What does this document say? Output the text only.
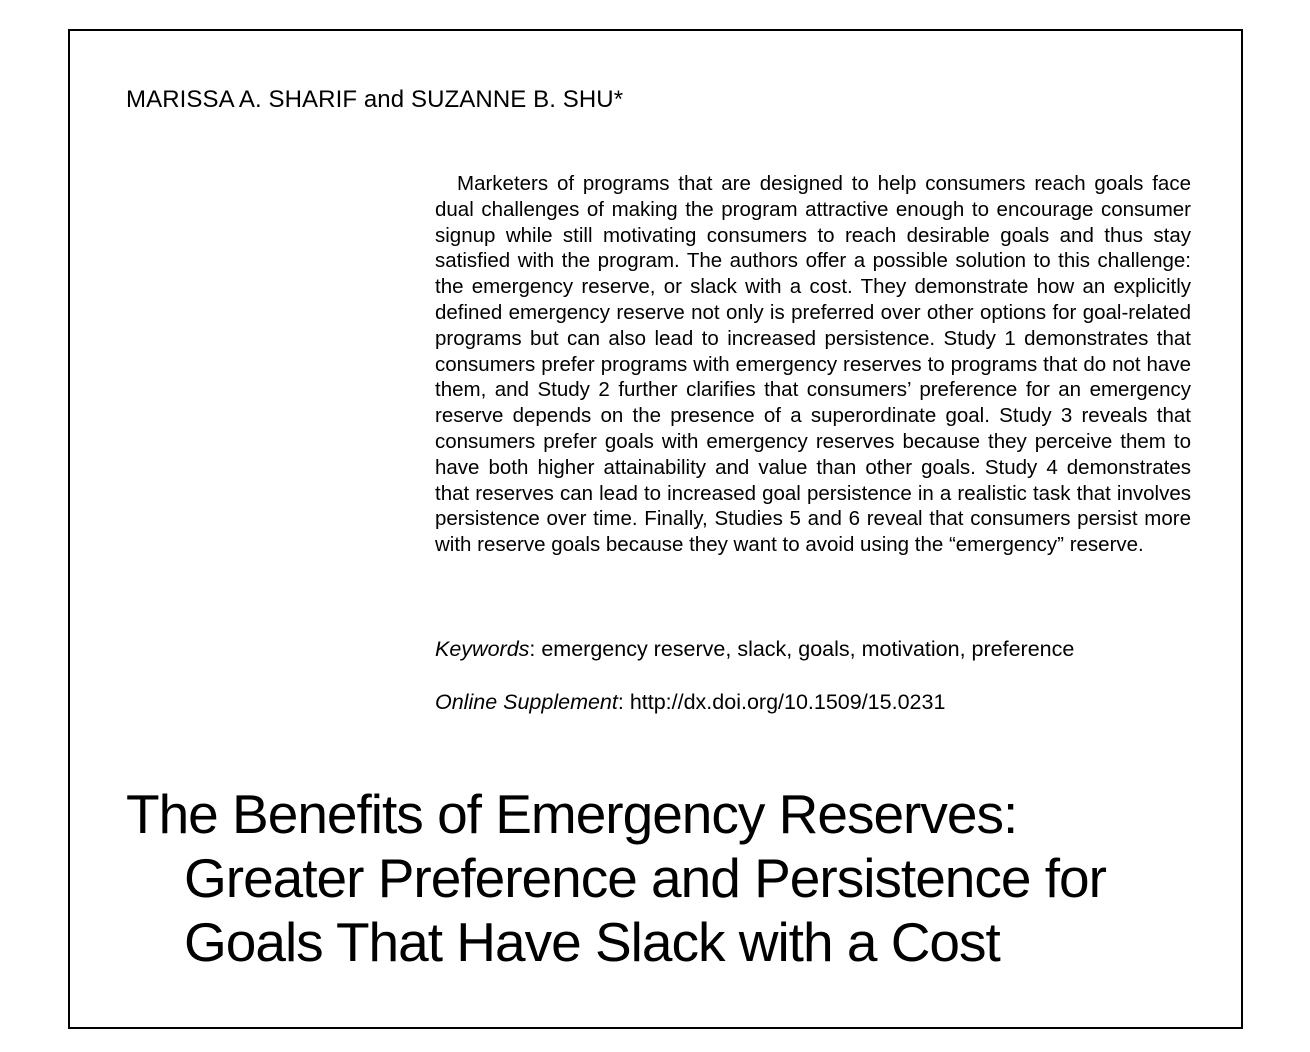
MARISSA A. SHARIF and SUZANNE B. SHU*

Marketers of programs that are designed to help consumers reach goals face dual challenges of making the program attractive enough to encourage consumer signup while still motivating consumers to reach desirable goals and thus stay satisfied with the program. The authors offer a possible solution to this challenge: the emergency reserve, or slack with a cost. They demonstrate how an explicitly defined emergency reserve not only is preferred over other options for goal-related programs but can also lead to increased persistence. Study 1 demonstrates that consumers prefer programs with emergency reserves to programs that do not have them, and Study 2 further clarifies that consumers’ preference for an emergency reserve depends on the presence of a superordinate goal. Study 3 reveals that consumers prefer goals with emergency reserves because they perceive them to have both higher attainability and value than other goals. Study 4 demonstrates that reserves can lead to increased goal persistence in a realistic task that involves persistence over time. Finally, Studies 5 and 6 reveal that consumers persist more with reserve goals because they want to avoid using the “emergency” reserve.

Keywords: emergency reserve, slack, goals, motivation, preference
Online Supplement: http://dx.doi.org/10.1509/15.0231
The Benefits of Emergency Reserves:
Greater Preference and Persistence for
Goals That Have Slack with a Cost
